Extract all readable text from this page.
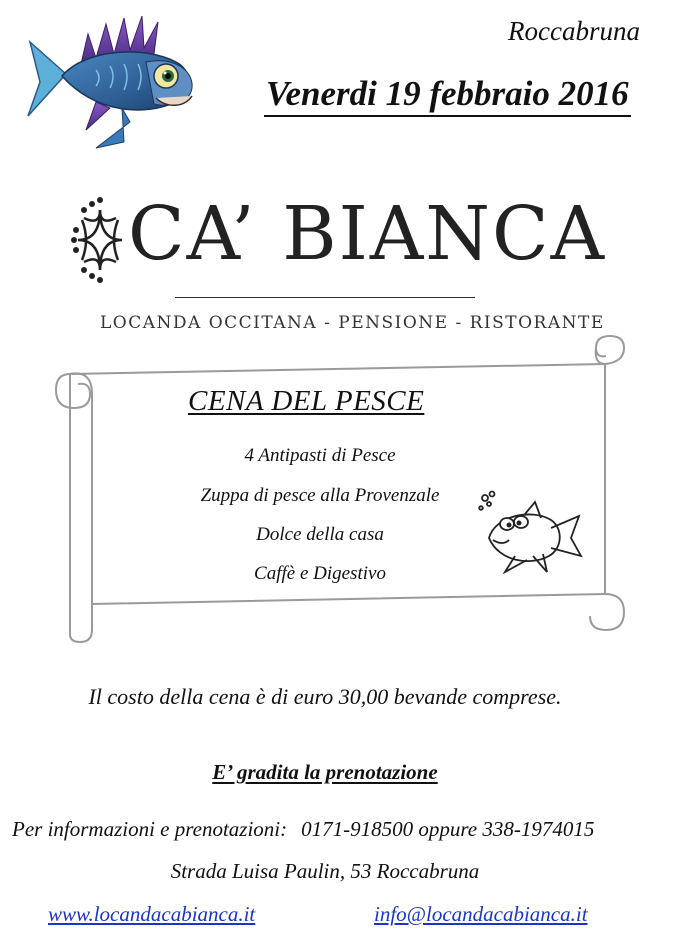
Roccabruna
Venerdi 19 febbraio 2016
CA’ BIANCA
LOCANDA OCCITANA - PENSIONE - RISTORANTE
CENA DEL PESCE
4 Antipasti di Pesce
Zuppa di pesce alla Provenzale
Dolce della casa
Caffè e Digestivo
Il costo della cena è di euro 30,00 bevande comprese.
E’ gradita la prenotazione
Per informazioni e prenotazioni: 0171-918500 oppure 338-1974015
Strada Luisa Paulin, 53 Roccabruna
www.locandacabianca.it	info@locandacabianca.it
